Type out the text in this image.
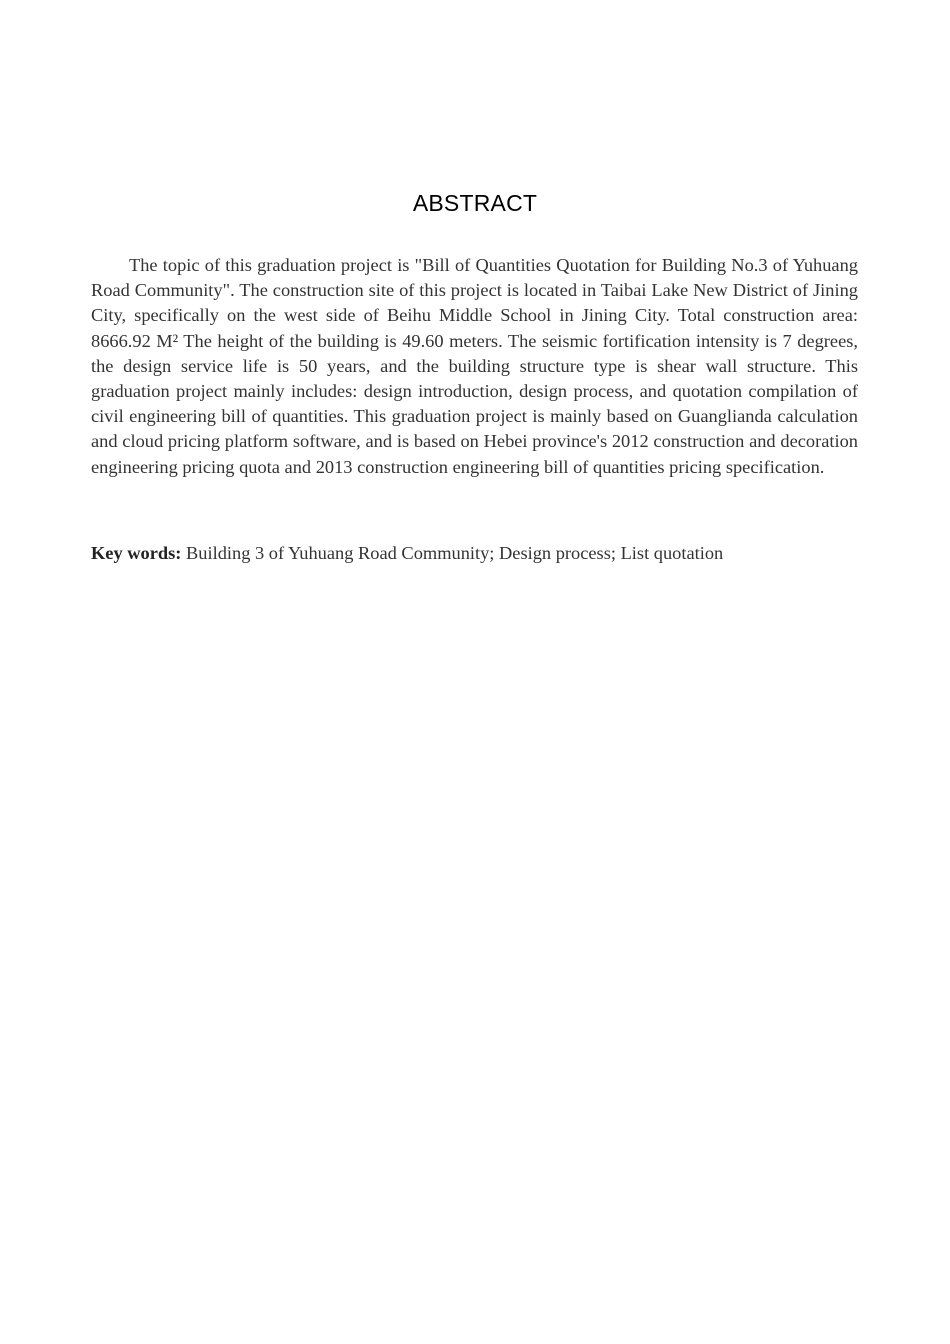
ABSTRACT

The topic of this graduation project is "Bill of Quantities Quotation for Building No.3 of Yuhuang Road Community". The construction site of this project is located in Taibai Lake New District of Jining City, specifically on the west side of Beihu Middle School in Jining City. Total construction area: 8666.92 M² The height of the building is 49.60 meters. The seismic fortification intensity is 7 degrees, the design service life is 50 years, and the building structure type is shear wall structure. This graduation project mainly includes: design introduction, design process, and quotation compilation of civil engineering bill of quantities. This graduation project is mainly based on Guanglianda calculation and cloud pricing platform software, and is based on Hebei province's 2012 construction and decoration engineering pricing quota and 2013 construction engineering bill of quantities pricing specification.

Key words: Building 3 of Yuhuang Road Community; Design process; List quotation
